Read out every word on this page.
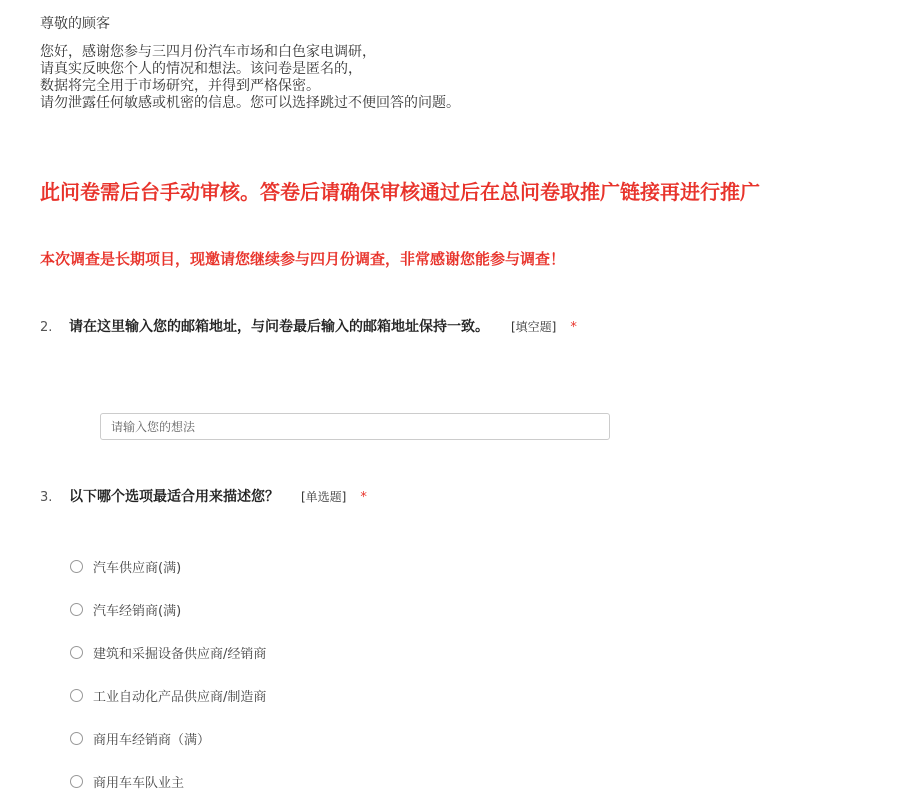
尊敬的顾客

您好，感谢您参与三四月份汽车市场和白色家电调研，
请真实反映您个人的情况和想法。该问卷是匿名的，
数据将完全用于市场研究，并得到严格保密。
请勿泄露任何敏感或机密的信息。您可以选择跳过不便回答的问题。
此问卷需后台手动审核。答卷后请确保审核通过后在总问卷取推广链接再进行推广
本次调查是长期项目，现邀请您继续参与四月份调查，非常感谢您能参与调查！
2.	请在这里输入您的邮箱地址，与问卷最后输入的邮箱地址保持一致。 [填空题] *
请输入您的想法
3.	以下哪个选项最适合用来描述您？ [单选题] *
汽车供应商(满)
汽车经销商(满)
建筑和采掘设备供应商/经销商
工业自动化产品供应商/制造商
商用车经销商（满）
商用车车队业主
